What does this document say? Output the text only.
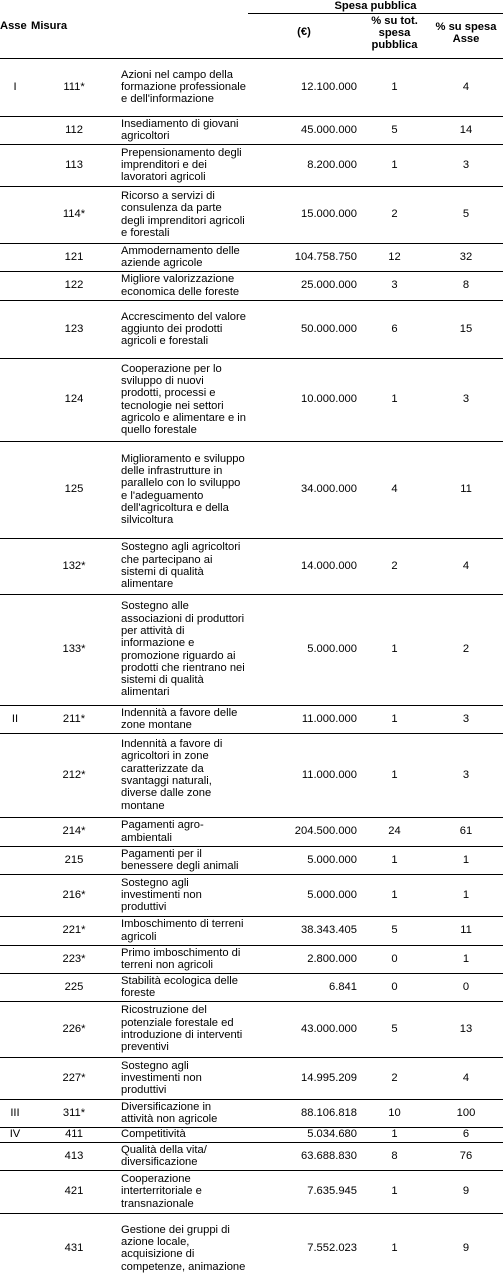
			Spesa pubblica		
Asse	Misura		(€)	% su tot. spesa pubblica	% su spesa Asse
I	111*	Azioni nel campo della formazione professionale e dell'informazione	12.100.000	1	4
	112	Insediamento di giovani agricoltori	45.000.000	5	14
	113	Prepensionamento degli imprenditori e dei lavoratori agricoli	8.200.000	1	3
	114*	Ricorso a servizi di consulenza da parte degli imprenditori agricoli e forestali	15.000.000	2	5
	121	Ammodernamento delle aziende agricole	104.758.750	12	32
	122	Migliore valorizzazione economica delle foreste	25.000.000	3	8
	123	Accrescimento del valore aggiunto dei prodotti agricoli e forestali	50.000.000	6	15
	124	Cooperazione per lo sviluppo di nuovi prodotti, processi e tecnologie nei settori agricolo e alimentare e in quello forestale	10.000.000	1	3
	125	Miglioramento e sviluppo delle infrastrutture in parallelo con lo sviluppo e l'adeguamento dell'agricoltura e della silvicoltura	34.000.000	4	11
	132*	Sostegno agli agricoltori che partecipano ai sistemi di qualità alimentare	14.000.000	2	4
	133*	Sostegno alle associazioni di produttori per attività di informazione e promozione riguardo ai prodotti che rientrano nei sistemi di qualità alimentari	5.000.000	1	2
II	211*	Indennità a favore delle zone montane	11.000.000	1	3
	212*	Indennità a favore di agricoltori in zone caratterizzate da svantaggi naturali, diverse dalle zone montane	11.000.000	1	3
	214*	Pagamenti agro-ambientali	204.500.000	24	61
	215	Pagamenti per il benessere degli animali	5.000.000	1	1
	216*	Sostegno agli investimenti non produttivi	5.000.000	1	1
	221*	Imboschimento di terreni agricoli	38.343.405	5	11
	223*	Primo imboschimento di terreni non agricoli	2.800.000	0	1
	225	Stabilità ecologica delle foreste	6.841	0	0
	226*	Ricostruzione del potenziale forestale ed introduzione di interventi preventivi	43.000.000	5	13
	227*	Sostegno agli investimenti non produttivi	14.995.209	2	4
III	311*	Diversificazione in attività non agricole	88.106.818	10	100
IV	411	Competitività	5.034.680	1	6
	413	Qualità della vita/ diversificazione	63.688.830	8	76
	421	Cooperazione interterritoriale e transnazionale	7.635.945	1	9
	431	Gestione dei gruppi di azione locale, acquisizione di competenze, animazione	7.552.023	1	9
